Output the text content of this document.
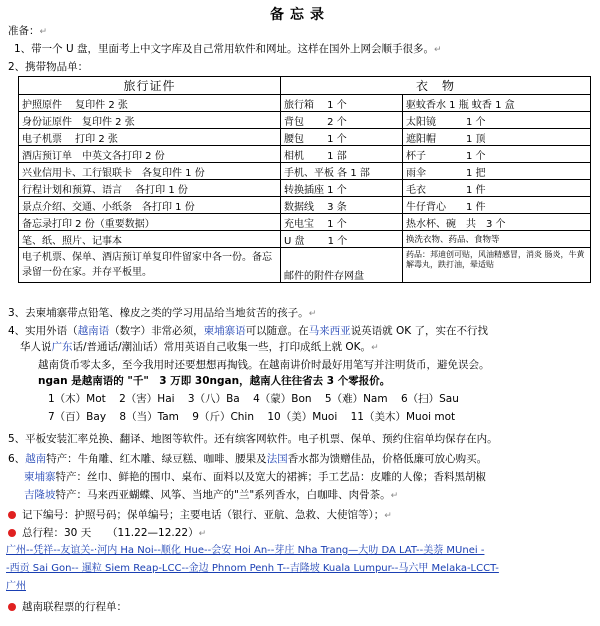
备忘录
准备：↵
1、带一个 U 盘，里面考上中文字库及自己常用软件和网址。这样在国外上网会顺手很多。↵
2、携带物品单：
旅行证件	衣　物	
护照原件　 复印件 2 张	旅行箱　 1 个	驱蚊香水 1 瓶 蚊香 1 盒
身份证原件　复印件 2 张	背包　　 2 个	太阳镜　　　1 个
电子机票　 打印 2 张	腰包　　 1 个	遮阳帽　　　1 顶
酒店预订单　中英文各打印 2 份	相机　　 1 部	杯子　　　　1 个
兴业信用卡、工行银联卡　各复印件 1 份	手机、平板 各 1 部	雨伞　　　　1 把
行程计划和预算、语言　 各打印 1 份	转换插座 1 个	毛衣　　　　1 件
景点介绍、交通、小纸条　各打印 1 份	数据线　 3 条	牛仔背心　　1 件
备忘录打印 2 份（重要数据）	充电宝　 1 个	热水杯、碗　共　3 个
笔、纸、照片、记事本	U 盘　　 1 个	换洗衣物、药品、食物等
电子机票、保单、酒店预订单复印件留家中各一份。备忘录留一份在家。并存平板里。	邮件的附件存网盘	药品：邦迪创可贴，风油精感冒，消炎 肠炎，牛黄解毒丸，跌打油，晕适贴
3、去柬埔寨带点铅笔、橡皮之类的学习用品给当地贫苦的孩子。↵
4、实用外语（越南语（数字）非常必须，柬埔寨语可以随意。在马来西亚说英语就 OK 了，实在不行找
华人说广东话/普通话/潮汕话）常用英语自己收集一些，打印成纸上就 OK。↵
越南货币零太多，至今我用时还要想想再掏钱。在越南讲价时最好用笔写并注明货币，避免误会。
ngan 是越南语的 "千"　3 万即 30ngan，越南人往往省去 3 个零报价。
1（木）Mot 2（害）Hai 3（八）Ba 4（蒙）Bon 5（难）Nam 6（扫）Sau
7（百）Bay 8（当）Tam 9（斤）Chin 10（美）Muoi 11（美木）Muoi mot
5、平板安装汇率兑换、翻译、地图等软件。还有缤客网软件。电子机票、保单、预约住宿单均保存在内。
6、越南特产：牛角雕、红木雕、绿豆糕、咖啡、腰果及法国香水都为馈赠佳品，价格低廉可放心购买。
柬埔寨特产：丝巾、鲜艳的围巾、桌布、面料以及宽大的裙裤；手工艺品：皮雕的人像；香料黑胡椒
吉隆坡特产：马来西亚蝴蝶、风筝、当地产的"兰"系列香水，白咖啡、肉骨茶。↵
记下编号：护照号码；保单编号；主要电话（银行、亚航、急救、大使馆等）；↵
总行程：30 天　　（11.22—12.22）↵
广州--凭祥--友谊关-·河内 Ha Noi--顺化 Hue--会安 Hoi An--芽庄 Nha Trang—大叻 DA LAT--美萘 MUnei -
-西贡 Sai Gon-- 暹粒 Siem Reap-LCC--金边 Phnom Penh T--吉隆坡 Kuala Lumpur--马六甲 Melaka-LCCT-
广州
越南联程票的行程单：
